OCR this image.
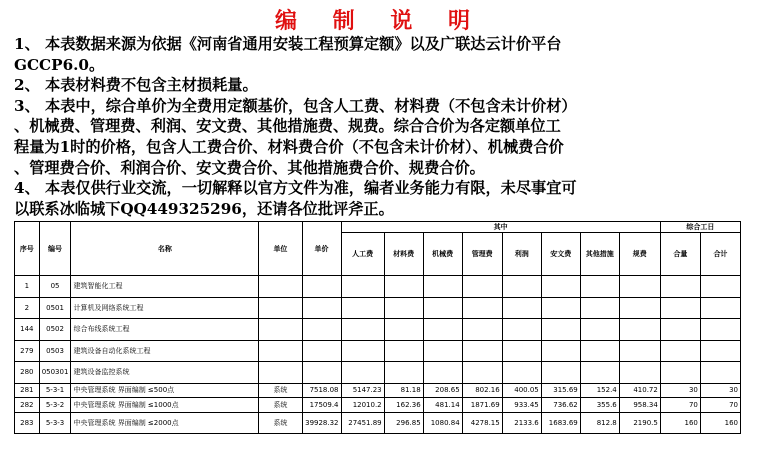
编 制 说 明
1、 本表数据来源为依据《河南省通用安装工程预算定额》以及广联达云计价平台
GCCP6.0。
2、 本表材料费不包含主材损耗量。
3、 本表中，综合单价为全费用定额基价，包含人工费、材料费（不包含未计价材）
、机械费、管理费、利润、安文费、其他措施费、规费。综合合价为各定额单位工
程量为1时的价格，包含人工费合价、材料费合价（不包含未计价材）、机械费合价
、管理费合价、利润合价、安文费合价、其他措施费合价、规费合价。
4、 本表仅供行业交流，一切解释以官方文件为准，编者业务能力有限，未尽事宜可
以联系冰临城下QQ449325296，还请各位批评斧正。
序号	编号	名称	单位	单价	其中								综合工日	
					人工费	材料费	机械费	管理费	利润	安文费	其他措施	规费	合量	合计
1	05	建筑智能化工程												
2	0501	计算机及网络系统工程												
144	0502	综合布线系统工程												
279	0503	建筑设备自动化系统工程												
280	050301	建筑设备监控系统												
281	5-3-1	中央管理系统 界面编制 ≤500点	系统	7518.08	5147.23	81.18	208.65	802.16	400.05	315.69	152.4	410.72	30	30
282	5-3-2	中央管理系统 界面编制 ≤1000点	系统	17509.4	12010.2	162.36	481.14	1871.69	933.45	736.62	355.6	958.34	70	70
283	5-3-3	中央管理系统 界面编制 ≤2000点	系统	39928.32	27451.89	296.85	1080.84	4278.15	2133.6	1683.69	812.8	2190.5	160	160
